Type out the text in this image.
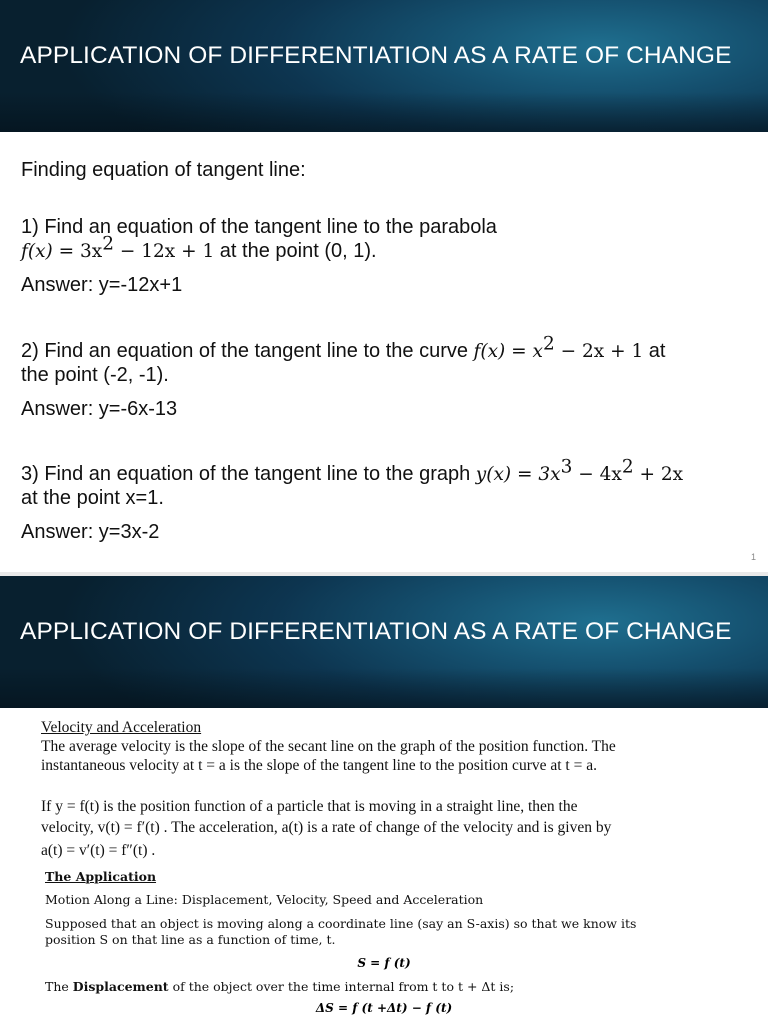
APPLICATION OF DIFFERENTIATION AS A RATE OF CHANGE
Finding equation of tangent line:
1) Find an equation of the tangent line to the parabola
$f(x) = 3x^2 - 12x + 1$ at the point (0, 1).
Answer: y=-12x+1
2) Find an equation of the tangent line to the curve $f(x) = x^2 - 2x + 1$ at
the point (-2, -1).
Answer: y=-6x-13
3) Find an equation of the tangent line to the graph $y(x) = 3x^3 - 4x^2 + 2x$
at the point x=1.
Answer: y=3x-2
1
APPLICATION OF DIFFERENTIATION AS A RATE OF CHANGE
Velocity and Acceleration
The average velocity is the slope of the secant line on the graph of the position function. The
instantaneous velocity at t = a is the slope of the tangent line to the position curve at t = a.
If y = f(t) is the position function of a particle that is moving in a straight line, then the
velocity, v(t) = f′(t) . The acceleration, a(t) is a rate of change of the velocity and is given by
a(t) = v′(t) = f″(t) .
The Application
Motion Along a Line: Displacement, Velocity, Speed and Acceleration
Supposed that an object is moving along a coordinate line (say an S-axis) so that we know its
position S on that line as a function of time, t.
S = f (t)
The Displacement of the object over the time internal from t to t + Δt is;
ΔS = f (t +Δt) − f (t)
